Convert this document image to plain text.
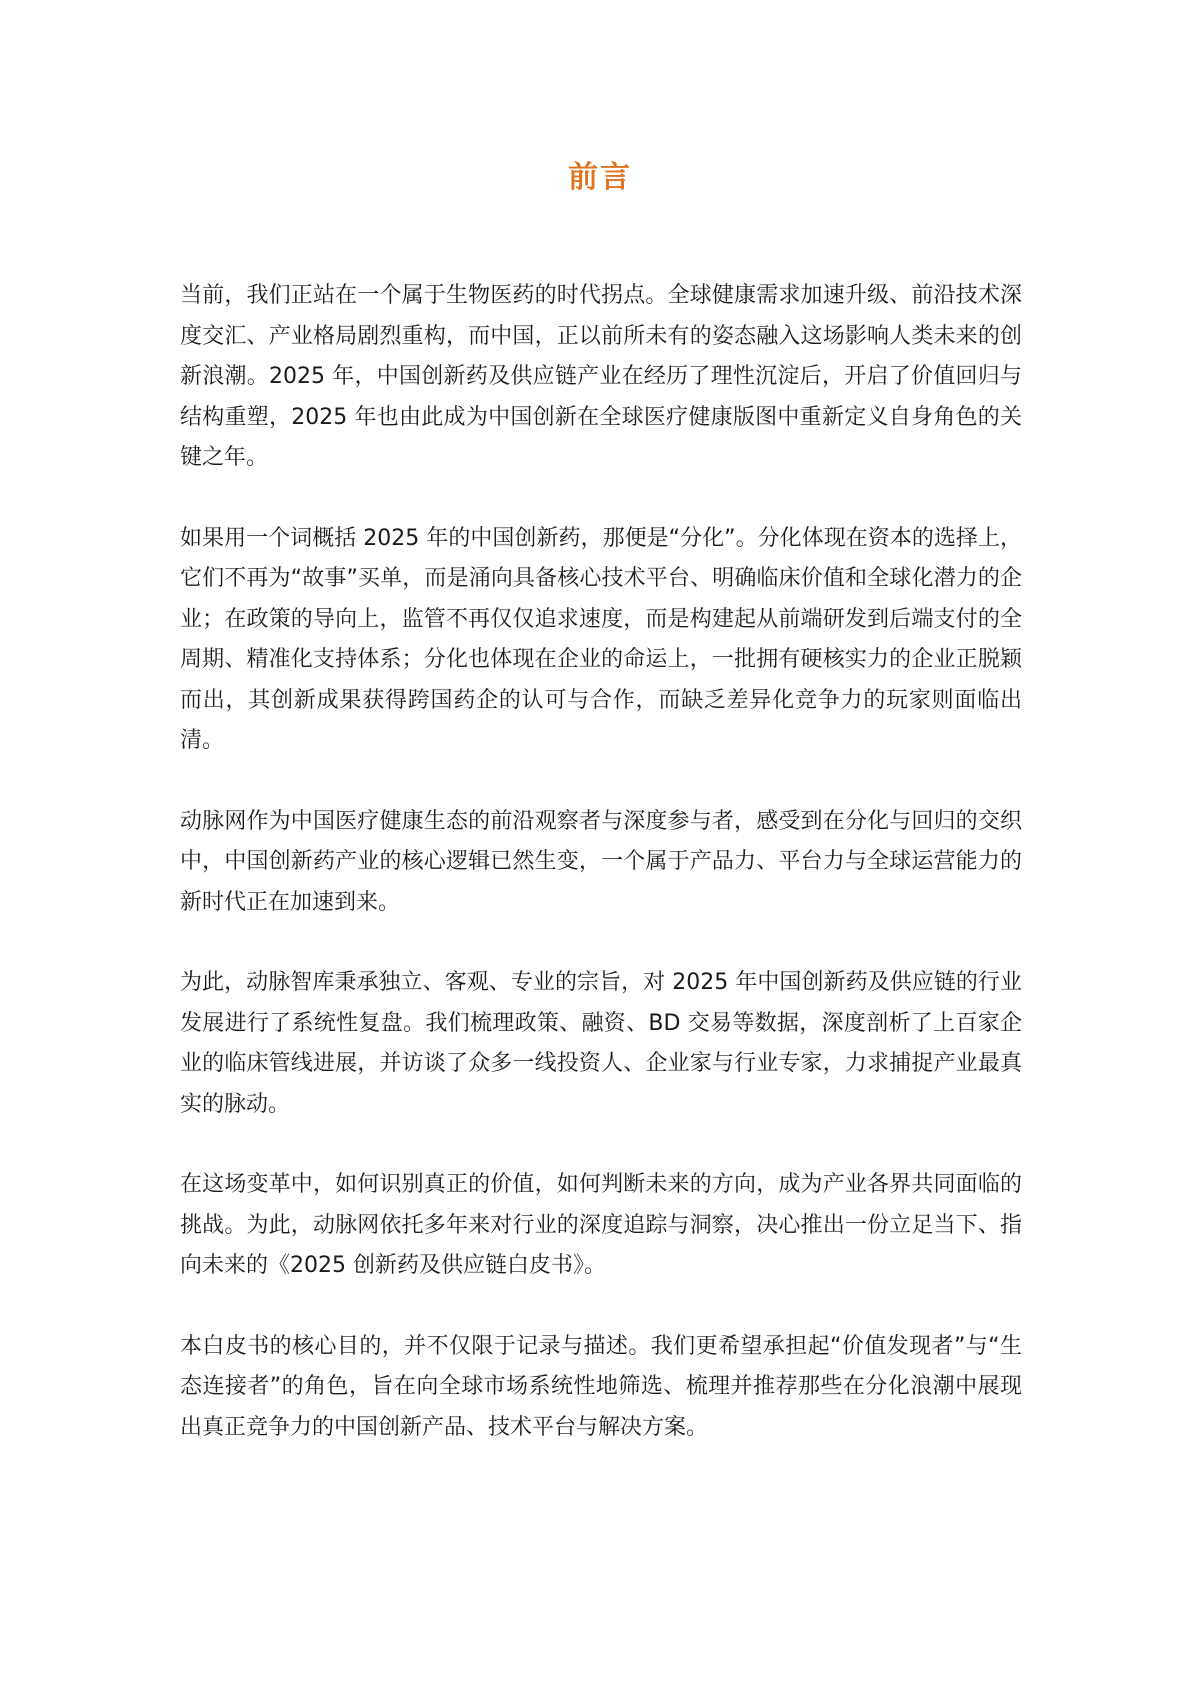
前言

当前，我们正站在一个属于生物医药的时代拐点。全球健康需求加速升级、前沿技术深度交汇、产业格局剧烈重构，而中国，正以前所未有的姿态融入这场影响人类未来的创新浪潮。2025 年，中国创新药及供应链产业在经历了理性沉淀后，开启了价值回归与结构重塑，2025 年也由此成为中国创新在全球医疗健康版图中重新定义自身角色的关键之年。

如果用一个词概括 2025 年的中国创新药，那便是“分化”。分化体现在资本的选择上，它们不再为“故事”买单，而是涌向具备核心技术平台、明确临床价值和全球化潜力的企业；在政策的导向上，监管不再仅仅追求速度，而是构建起从前端研发到后端支付的全周期、精准化支持体系；分化也体现在企业的命运上，一批拥有硬核实力的企业正脱颖而出，其创新成果获得跨国药企的认可与合作，而缺乏差异化竞争力的玩家则面临出清。

动脉网作为中国医疗健康生态的前沿观察者与深度参与者，感受到在分化与回归的交织中，中国创新药产业的核心逻辑已然生变，一个属于产品力、平台力与全球运营能力的新时代正在加速到来。

为此，动脉智库秉承独立、客观、专业的宗旨，对 2025 年中国创新药及供应链的行业发展进行了系统性复盘。我们梳理政策、融资、BD 交易等数据，深度剖析了上百家企业的临床管线进展，并访谈了众多一线投资人、企业家与行业专家，力求捕捉产业最真实的脉动。

在这场变革中，如何识别真正的价值，如何判断未来的方向，成为产业各界共同面临的挑战。为此，动脉网依托多年来对行业的深度追踪与洞察，决心推出一份立足当下、指向未来的《2025 创新药及供应链白皮书》。

本白皮书的核心目的，并不仅限于记录与描述。我们更希望承担起“价值发现者”与“生态连接者”的角色，旨在向全球市场系统性地筛选、梳理并推荐那些在分化浪潮中展现出真正竞争力的中国创新产品、技术平台与解决方案。
